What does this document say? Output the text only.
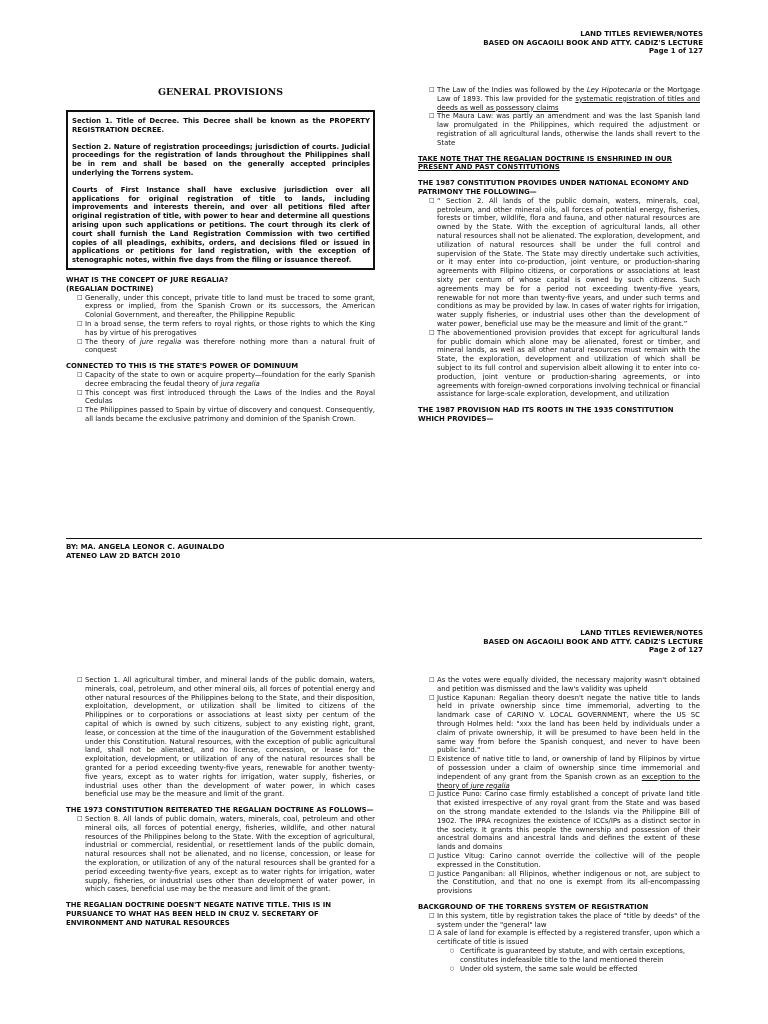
LAND TITLES REVIEWER/NOTES
BASED ON AGCAOILI BOOK AND ATTY. CADIZ'S LECTURE
Page 1 of 127
GENERAL PROVISIONS

Section 1. Title of Decree. This Decree shall be known as the PROPERTY REGISTRATION DECREE.

Section 2. Nature of registration proceedings; jurisdiction of courts. Judicial proceedings for the registration of lands throughout the Philippines shall be in rem and shall be based on the generally accepted principles underlying the Torrens system.

Courts of First Instance shall have exclusive jurisdiction over all applications for original registration of title to lands, including improvements and interests therein, and over all petitions filed after original registration of title, with power to hear and determine all questions arising upon such applications or petitions. The court through its clerk of court shall furnish the Land Registration Commission with two certified copies of all pleadings, exhibits, orders, and decisions filed or issued in applications or petitions for land registration, with the exception of stenographic notes, within five days from the filing or issuance thereof.

WHAT IS THE CONCEPT OF JURE REGALIA?
(REGALIAN DOCTRINE)

□ Generally, under this concept, private title to land must be traced to some grant, express or implied, from the Spanish Crown or its successors, the American Colonial Government, and thereafter, the Philippine Republic
□ In a broad sense, the term refers to royal rights, or those rights to which the King has by virtue of his prerogatives
□ The theory of jure regalia was therefore nothing more than a natural fruit of conquest

CONNECTED TO THIS IS THE STATE'S POWER OF DOMINUUM

□ Capacity of the state to own or acquire property—foundation for the early Spanish decree embracing the feudal theory of jura regalia
□ This concept was first introduced through the Laws of the Indies and the Royal Cedulas
□ The Philippines passed to Spain by virtue of discovery and conquest. Consequently, all lands became the exclusive patrimony and dominion of the Spanish Crown.
□ The Law of the Indies was followed by the Ley Hipotecaria or the Mortgage Law of 1893. This law provided for the systematic registration of titles and deeds as well as possessory claims
□ The Maura Law: was partly an amendment and was the last Spanish land law promulgated in the Philippines, which required the adjustment or registration of all agricultural lands, otherwise the lands shall revert to the State

TAKE NOTE THAT THE REGALIAN DOCTRINE IS ENSHRINED IN OUR PRESENT AND PAST CONSTITUTIONS

THE 1987 CONSTITUTION PROVIDES UNDER NATIONAL ECONOMY AND PATRIMONY THE FOLLOWING—

□ “ Section 2. All lands of the public domain, waters, minerals, coal, petroleum, and other mineral oils, all forces of potential energy, fisheries, forests or timber, wildlife, flora and fauna, and other natural resources are owned by the State. With the exception of agricultural lands, all other natural resources shall not be alienated. The exploration, development, and utilization of natural resources shall be under the full control and supervision of the State. The State may directly undertake such activities, or it may enter into co-production, joint venture, or production-sharing agreements with Filipino citizens, or corporations or associations at least sixty per centum of whose capital is owned by such citizens. Such agreements may be for a period not exceeding twenty-five years, renewable for not more than twenty-five years, and under such terms and conditions as may be provided by law. In cases of water rights for irrigation, water supply fisheries, or industrial uses other than the development of water power, beneficial use may be the measure and limit of the grant.”
□ The abovementioned provision provides that except for agricultural lands for public domain which alone may be alienated, forest or timber, and mineral lands, as well as all other natural resources must remain with the State, the exploration, development and utilization of which shall be subject to its full control and supervision albeit allowing it to enter into co-production, joint venture or production-sharing agreements, or into agreements with foreign-owned corporations involving technical or financial assistance for large-scale exploration, development, and utilization

THE 1987 PROVISION HAD ITS ROOTS IN THE 1935 CONSTITUTION WHICH PROVIDES—

BY: MA. ANGELA LEONOR C. AGUINALDO
ATENEO LAW 2D BATCH 2010
LAND TITLES REVIEWER/NOTES
BASED ON AGCAOILI BOOK AND ATTY. CADIZ'S LECTURE
Page 2 of 127
□ Section 1. All agricultural timber, and mineral lands of the public domain, waters, minerals, coal, petroleum, and other mineral oils, all forces of potential energy and other natural resources of the Philippines belong to the State, and their disposition, exploitation, development, or utilization shall be limited to citizens of the Philippines or to corporations or associations at least sixty per centum of the capital of which is owned by such citizens, subject to any existing right, grant, lease, or concession at the time of the inauguration of the Government established under this Constitution. Natural resources, with the exception of public agricultural land, shall not be alienated, and no license, concession, or lease for the exploitation, development, or utilization of any of the natural resources shall be granted for a period exceeding twenty-five years, renewable for another twenty-five years, except as to water rights for irrigation, water supply, fisheries, or industrial uses other than the development of water power, in which cases beneficial use may be the measure and limit of the grant.

THE 1973 CONSTITUTION REITERATED THE REGALIAN DOCTRINE AS FOLLOWS—

□ Section 8. All lands of public domain, waters, minerals, coal, petroleum and other mineral oils, all forces of potential energy, fisheries, wildlife, and other natural resources of the Philippines belong to the State. With the exception of agricultural, industrial or commercial, residential, or resettlement lands of the public domain, natural resources shall not be alienated, and no license, concession, or lease for the exploration, or utilization of any of the natural resources shall be granted for a period exceeding twenty-five years, except as to water rights for irrigation, water supply, fisheries, or industrial uses other than development of water power, in which cases, beneficial use may be the measure and limit of the grant.

THE REGALIAN DOCTRINE DOESN'T NEGATE NATIVE TITLE. THIS IS IN PURSUANCE TO WHAT HAS BEEN HELD IN CRUZ V. SECRETARY OF ENVIRONMENT AND NATURAL RESOURCES

□ As the votes were equally divided, the necessary majority wasn't obtained and petition was dismissed and the law's validity was upheld
□ Justice Kapunan: Regalian theory doesn't negate the native title to lands held in private ownership since time immemorial, adverting to the landmark case of CARINO V. LOCAL GOVERNMENT, where the US SC through Holmes held: "xxx the land has been held by individuals under a claim of private ownership, it will be presumed to have been held in the same way from before the Spanish conquest, and never to have been public land."
□ Existence of native title to land, or ownership of land by Filipinos by virtue of possession under a claim of ownership since time immemorial and independent of any grant from the Spanish crown as an exception to the theory of jure regalia
□ Justice Puno: Carino case firmly established a concept of private land title that existed irrespective of any royal grant from the State and was based on the strong mandate extended to the Islands via the Philippine Bill of 1902. The IPRA recognizes the existence of ICCs/IPs as a distinct sector in the society. It grants this people the ownership and possession of their ancestral domains and ancestral lands and defines the extent of these lands and domains
□ Justice Vitug: Carino cannot override the collective will of the people expressed in the Constitution.
□ Justice Panganiban: all Filipinos, whether indigenous or not, are subject to the Constitution, and that no one is exempt from its all-encompassing provisions

BACKGROUND OF THE TORRENS SYSTEM OF REGISTRATION

□ In this system, title by registration takes the place of "title by deeds" of the system under the "general" law
□ A sale of land for example is effected by a registered transfer, upon which a certificate of title is issued
○ Certificate is guaranteed by statute, and with certain exceptions, constitutes indefeasible title to the land mentioned therein
○ Under old system, the same sale would be effected
